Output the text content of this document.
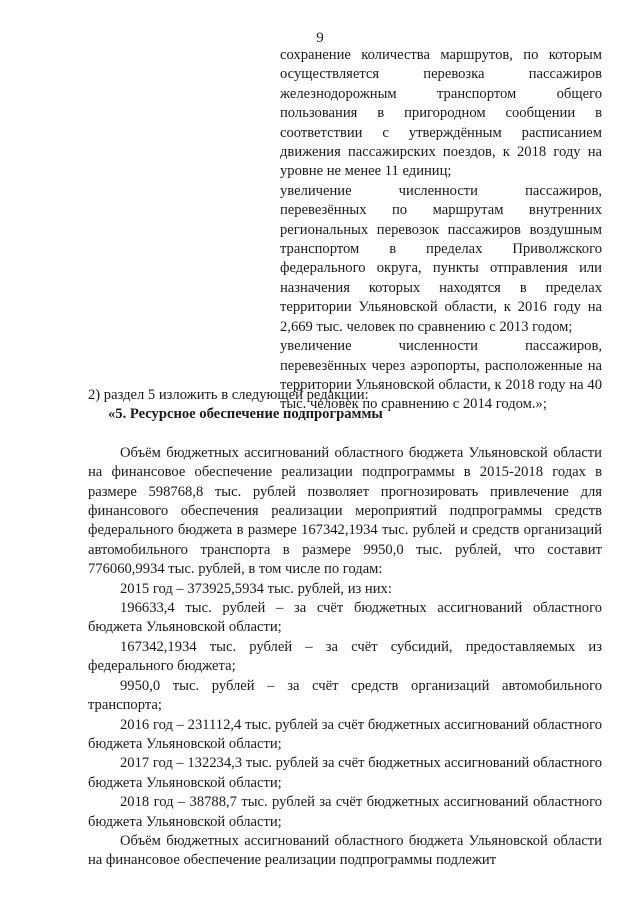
9

сохранение количества маршрутов, по которым осуществляется перевозка пассажиров железнодорожным транспортом общего пользования в пригородном сообщении в соответствии с утверждённым расписанием движения пассажирских поездов, к 2018 году на уровне не менее 11 единиц;

увеличение численности пассажиров, перевезённых по маршрутам внутренних региональных перевозок пассажиров воздушным транспортом в пределах Приволжского федерального округа, пункты отправления или назначения которых находятся в пределах территории Ульяновской области, к 2016 году на 2,669 тыс. человек по сравнению с 2013 годом;

увеличение численности пассажиров, перевезённых через аэропорты, расположенные на территории Ульяновской области, к 2018 году на 40 тыс. человек по сравнению с 2014 годом.»;

2) раздел 5 изложить в следующей редакции:

«5. Ресурсное обеспечение подпрограммы

Объём бюджетных ассигнований областного бюджета Ульяновской области на финансовое обеспечение реализации подпрограммы в 2015-2018 годах в размере 598768,8 тыс. рублей позволяет прогнозировать привлечение для финансового обеспечения реализации мероприятий подпрограммы средств федерального бюджета в размере 167342,1934 тыс. рублей и средств организаций автомобильного транспорта в размере 9950,0 тыс. рублей, что составит 776060,9934 тыс. рублей, в том числе по годам:

2015 год – 373925,5934 тыс. рублей, из них:

196633,4 тыс. рублей – за счёт бюджетных ассигнований областного бюджета Ульяновской области;

167342,1934 тыс. рублей – за счёт субсидий, предоставляемых из федерального бюджета;

9950,0 тыс. рублей – за счёт средств организаций автомобильного транспорта;

2016 год – 231112,4 тыс. рублей за счёт бюджетных ассигнований областного бюджета Ульяновской области;

2017 год – 132234,3 тыс. рублей за счёт бюджетных ассигнований областного бюджета Ульяновской области;

2018 год – 38788,7 тыс. рублей за счёт бюджетных ассигнований областного бюджета Ульяновской области;

Объём бюджетных ассигнований областного бюджета Ульяновской области на финансовое обеспечение реализации подпрограммы подлежит
